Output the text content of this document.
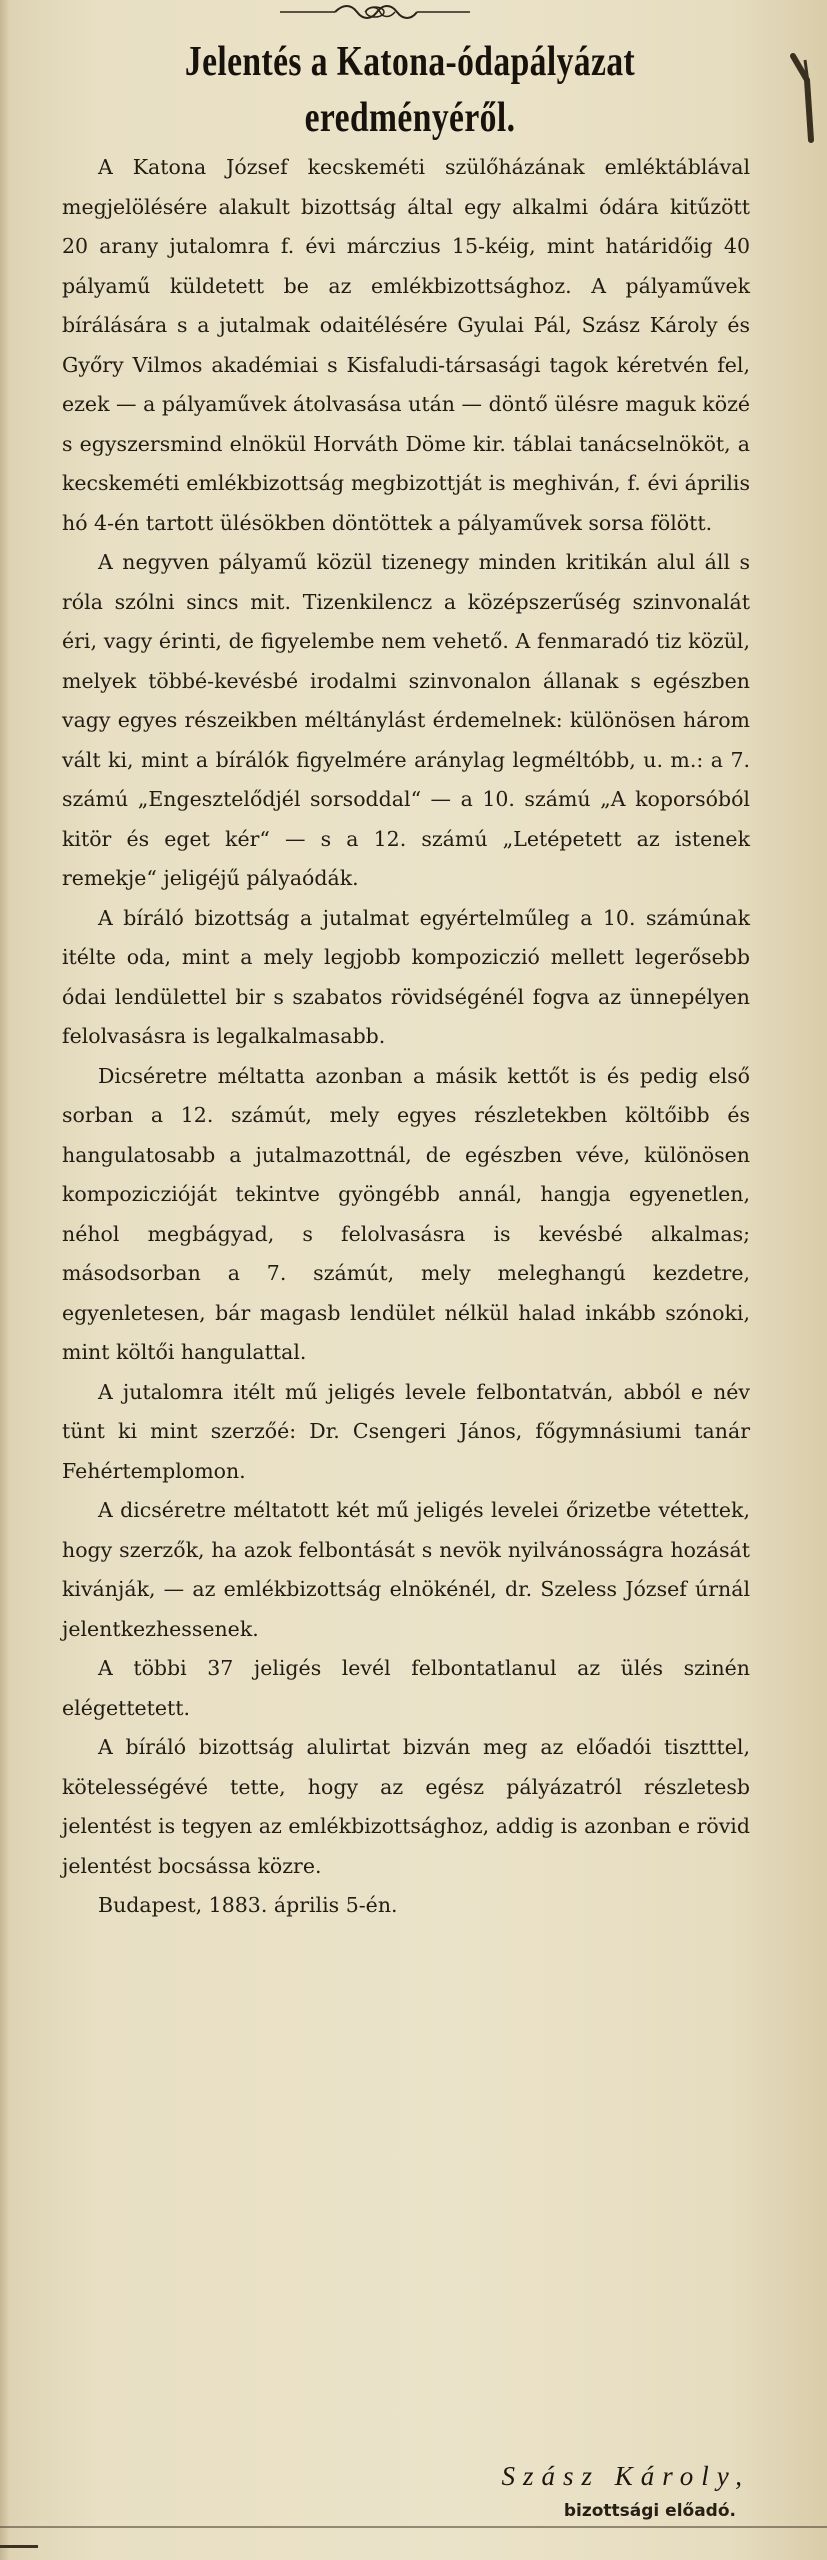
Jelentés a Katona-ódapályázat
eredményéről.

A Katona József kecskeméti szülőházának emléktáblával megjelölésére alakult bizottság által egy alkalmi ódára kitűzött 20 arany jutalomra f. évi márczius 15-kéig, mint határidőig 40 pályamű küldetett be az emlékbizottsághoz. A pályaművek bírálására s a jutalmak odaitélésére Gyulai Pál, Szász Károly és Győry Vilmos akadémiai s Kisfaludi-társasági tagok kéretvén fel, ezek — a pályaművek átolvasása után — döntő ülésre maguk közé s egyszersmind elnökül Horváth Döme kir. táblai tanácselnököt, a kecskeméti emlékbizottság megbizottját is meghiván, f. évi április hó 4-én tartott ülésökben döntöttek a pályaművek sorsa fölött.

A negyven pályamű közül tizenegy minden kritikán alul áll s róla szólni sincs mit. Tizenkilencz a középszerűség szinvonalát éri, vagy érinti, de figyelembe nem vehető. A fenmaradó tiz közül, melyek többé-kevésbé irodalmi szinvonalon állanak s egészben vagy egyes részeikben méltánylást érdemelnek: különösen három vált ki, mint a bírálók figyelmére aránylag legméltóbb, u. m.: a 7. számú „Engesztelődjél sorsoddal“ — a 10. számú „A koporsóból kitör és eget kér“ — s a 12. számú „Letépetett az istenek remekje“ jeligéjű pályaódák.

A bíráló bizottság a jutalmat egyértelműleg a 10. számúnak itélte oda, mint a mely legjobb kompoziczió mellett legerősebb ódai lendülettel bir s szabatos rövidségénél fogva az ünnepélyen felolvasásra is legalkalmasabb.

Dicséretre méltatta azonban a másik kettőt is és pedig első sorban a 12. számút, mely egyes részletekben költőibb és hangulatosabb a jutalmazottnál, de egészben véve, különösen kompoziczióját tekintve gyöngébb annál, hangja egyenetlen, néhol megbágyad, s felolvasásra is kevésbé alkalmas; másodsorban a 7. számút, mely meleghangú kezdetre, egyenletesen, bár magasb lendület nélkül halad inkább szónoki, mint költői hangulattal.

A jutalomra itélt mű jeligés levele felbontatván, abból e név tünt ki mint szerzőé: Dr. Csengeri János, főgymnásiumi tanár Fehértemplomon.

A dicséretre méltatott két mű jeligés levelei őrizetbe vétettek, hogy szerzők, ha azok felbontását s nevök nyilvánosságra hozását kivánják, — az emlékbizottság elnökénél, dr. Szeless József úrnál jelentkezhessenek.

A többi 37 jeligés levél felbontatlanul az ülés szinén elégettetett.

A bíráló bizottság alulirtat bizván meg az előadói tisztttel, kötelességévé tette, hogy az egész pályázatról részletesb jelentést is tegyen az emlékbizottsághoz, addig is azonban e rövid jelentést bocsássa közre.

Budapest, 1883. április 5-én.

Szász Károly,
bizottsági előadó.
